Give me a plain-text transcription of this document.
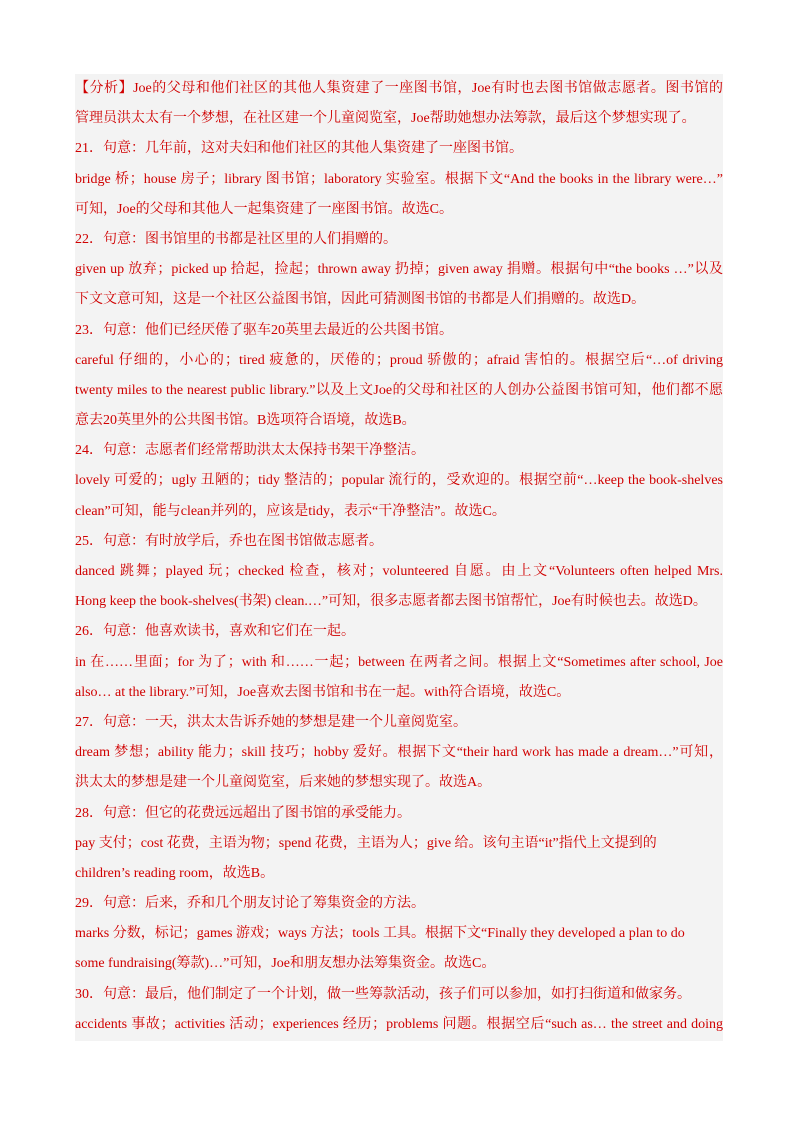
【分析】Joe的父母和他们社区的其他人集资建了一座图书馆，Joe有时也去图书馆做志愿者。图书馆的
管理员洪太太有一个梦想，在社区建一个儿童阅览室，Joe帮助她想办法筹款，最后这个梦想实现了。
21．句意：几年前，这对夫妇和他们社区的其他人集资建了一座图书馆。
bridge 桥；house 房子；library 图书馆；laboratory 实验室。根据下文“And the books in the library were…”
可知，Joe的父母和其他人一起集资建了一座图书馆。故选C。
22．句意：图书馆里的书都是社区里的人们捐赠的。
given up 放弃；picked up 拾起，捡起；thrown away 扔掉；given away 捐赠。根据句中“the books …”以及
下文文意可知，这是一个社区公益图书馆，因此可猜测图书馆的书都是人们捐赠的。故选D。
23．句意：他们已经厌倦了驱车20英里去最近的公共图书馆。
careful 仔细的，小心的；tired 疲惫的，厌倦的；proud 骄傲的；afraid 害怕的。根据空后“…of driving
twenty miles to the nearest public library.”以及上文Joe的父母和社区的人创办公益图书馆可知，他们都不愿
意去20英里外的公共图书馆。B选项符合语境，故选B。
24．句意：志愿者们经常帮助洪太太保持书架干净整洁。
lovely 可爱的；ugly 丑陋的；tidy 整洁的；popular 流行的，受欢迎的。根据空前“…keep the book-shelves
clean”可知，能与clean并列的，应该是tidy，表示“干净整洁”。故选C。
25．句意：有时放学后，乔也在图书馆做志愿者。
danced 跳舞；played 玩；checked 检查，核对；volunteered 自愿。由上文“Volunteers often helped Mrs.
Hong keep the book-shelves(书架) clean.…”可知，很多志愿者都去图书馆帮忙，Joe有时候也去。故选D。
26．句意：他喜欢读书，喜欢和它们在一起。
in 在……里面；for 为了；with 和……一起；between 在两者之间。根据上文“Sometimes after school, Joe
also… at the library.”可知，Joe喜欢去图书馆和书在一起。with符合语境，故选C。
27．句意：一天，洪太太告诉乔她的梦想是建一个儿童阅览室。
dream 梦想；ability 能力；skill 技巧；hobby 爱好。根据下文“their hard work has made a dream…”可知，
洪太太的梦想是建一个儿童阅览室，后来她的梦想实现了。故选A。
28．句意：但它的花费远远超出了图书馆的承受能力。
pay 支付；cost 花费，主语为物；spend 花费，主语为人；give 给。该句主语“it”指代上文提到的
children’s reading room，故选B。
29．句意：后来，乔和几个朋友讨论了筹集资金的方法。
marks 分数，标记；games 游戏；ways 方法；tools 工具。根据下文“Finally they developed a plan to do
some fundraising(筹款)…”可知，Joe和朋友想办法筹集资金。故选C。
30．句意：最后，他们制定了一个计划，做一些筹款活动，孩子们可以参加，如打扫街道和做家务。
accidents 事故；activities 活动；experiences 经历；problems 问题。根据空后“such as… the street and doing
